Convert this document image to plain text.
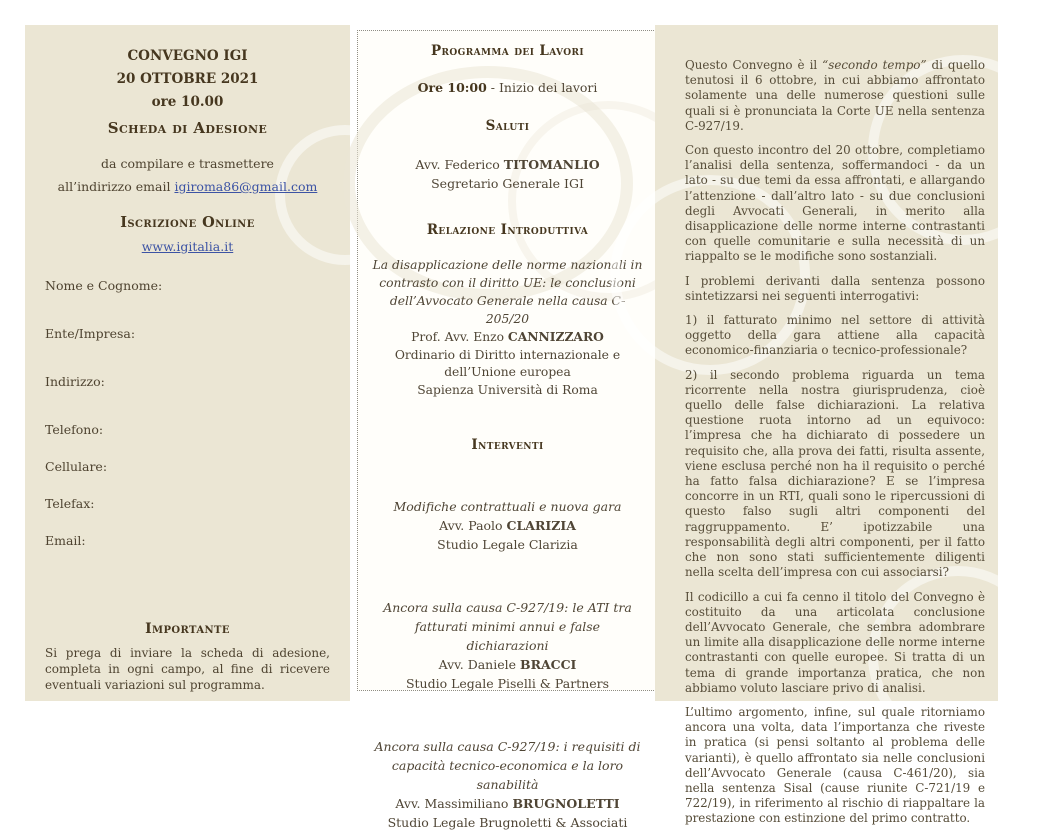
CONVEGNO IGI
20 OTTOBRE 2021
ore 10.00
Scheda di Adesione
da compilare e trasmettere
all’indirizzo email igiroma86@gmail.com
Iscrizione Online
www.igitalia.it
Nome e Cognome:
Ente/Impresa:
Indirizzo:
Telefono:
Cellulare:
Telefax:
Email:
Importante
Si prega di inviare la scheda di adesione, completa in ogni campo, al fine di ricevere eventuali variazioni sul programma.
Programma dei Lavori
Ore 10:00 - Inizio dei lavori
Saluti
Avv. Federico TITOMANLIO
Segretario Generale IGI
Relazione Introduttiva
La disapplicazione delle norme nazionali in contrasto con il diritto UE: le conclusioni dell’Avvocato Generale nella causa C-205/20
Prof. Avv. Enzo CANNIZZARO
Ordinario di Diritto internazionale e dell’Unione europea
Sapienza Università di Roma
Interventi
Modifiche contrattuali e nuova gara
Avv. Paolo CLARIZIA
Studio Legale Clarizia
Ancora sulla causa C-927/19: le ATI tra fatturati minimi annui e false dichiarazioni
Avv. Daniele BRACCI
Studio Legale Piselli & Partners
Ancora sulla causa C-927/19: i requisiti di capacità tecnico-economica e la loro sanabilità
Avv. Massimiliano BRUGNOLETTI
Studio Legale Brugnoletti & Associati

Questo Convegno è il “secondo tempo” di quello tenutosi il 6 ottobre, in cui abbiamo affrontato solamente una delle numerose questioni sulle quali si è pronunciata la Corte UE nella sentenza C-927/19.

Con questo incontro del 20 ottobre, completiamo l’analisi della sentenza, soffermandoci - da un lato - su due temi da essa affrontati, e allargando l’attenzione - dall’altro lato - su due conclusioni degli Avvocati Generali, in merito alla disapplicazione delle norme interne contrastanti con quelle comunitarie e sulla necessità di un riappalto se le modifiche sono sostanziali.

I problemi derivanti dalla sentenza possono sintetizzarsi nei seguenti interrogativi:

1) il fatturato minimo nel settore di attività oggetto della gara attiene alla capacità economico-finanziaria o tecnico-professionale?

2) il secondo problema riguarda un tema ricorrente nella nostra giurisprudenza, cioè quello delle false dichiarazioni. La relativa questione ruota intorno ad un equivoco: l’impresa che ha dichiarato di possedere un requisito che, alla prova dei fatti, risulta assente, viene esclusa perché non ha il requisito o perché ha fatto falsa dichiarazione? E se l’impresa concorre in un RTI, quali sono le ripercussioni di questo falso sugli altri componenti del raggruppamento. E’ ipotizzabile una responsabilità degli altri componenti, per il fatto che non sono stati sufficientemente diligenti nella scelta dell’impresa con cui associarsi?

Il codicillo a cui fa cenno il titolo del Convegno è costituito da una articolata conclusione dell’Avvocato Generale, che sembra adombrare un limite alla disapplicazione delle norme interne contrastanti con quelle europee. Si tratta di un tema di grande importanza pratica, che non abbiamo voluto lasciare privo di analisi.

L’ultimo argomento, infine, sul quale ritorniamo ancora una volta, data l’importanza che riveste in pratica (si pensi soltanto al problema delle varianti), è quello affrontato sia nelle conclusioni dell’Avvocato Generale (causa C-461/20), sia nella sentenza Sisal (cause riunite C-721/19 e 722/19), in riferimento al rischio di riappaltare la prestazione con estinzione del primo contratto.
